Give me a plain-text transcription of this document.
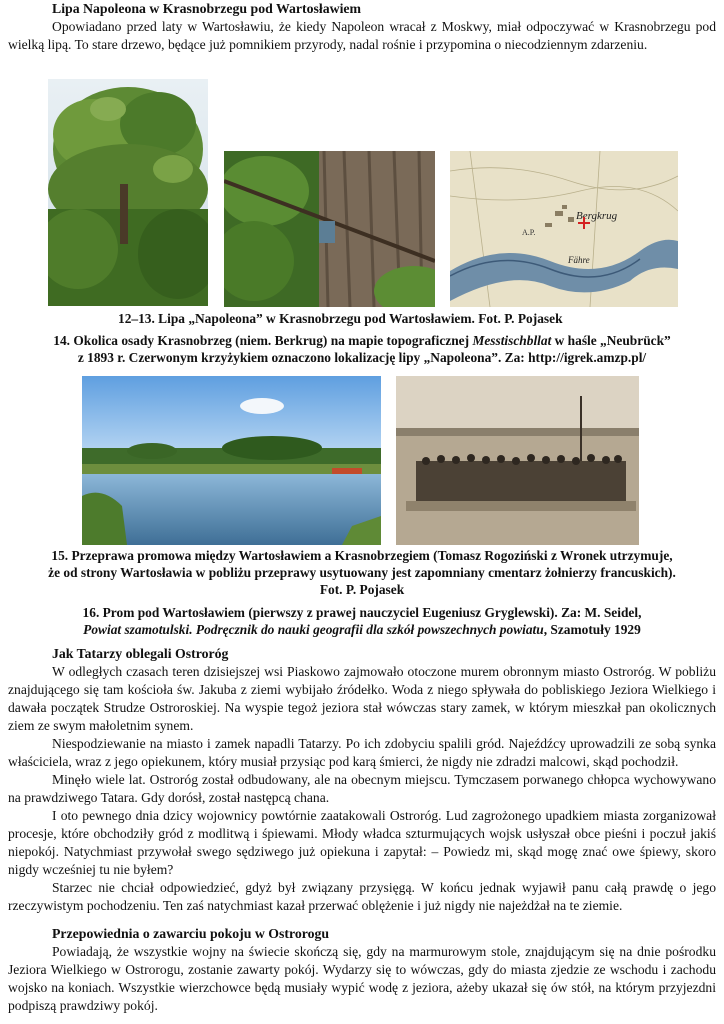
Lipa Napoleona w Krasnobrzegu pod Wartosławiem

Opowiadano przed laty w Wartosławiu, że kiedy Napoleon wracał z Moskwy, miał odpoczywać w Krasnobrzegu pod wielką lipą. To stare drzewo, będące już pomnikiem przyrody, nadal rośnie i przypomina o niecodziennym zdarzeniu.

Bergkrug
A.P.
Fähre
12–13. Lipa „Napoleona” w Krasnobrzegu pod Wartosławiem. Fot. P. Pojasek
14. Okolica osady Krasnobrzeg (niem. Berkrug) na mapie topograficznej Messtischbllat w haśle „Neubrück”
z 1893 r. Czerwonym krzyżykiem oznaczono lokalizację lipy „Napoleona”. Za: http://igrek.amzp.pl/
15. Przeprawa promowa między Wartosławiem a Krasnobrzegiem (Tomasz Rogoziński z Wronek utrzymuje,
że od strony Wartosławia w pobliżu przeprawy usytuowany jest zapomniany cmentarz żołnierzy francuskich).
Fot. P. Pojasek
16. Prom pod Wartosławiem (pierwszy z prawej nauczyciel Eugeniusz Gryglewski). Za: M. Seidel,
Powiat szamotulski. Podręcznik do nauki geografii dla szkół powszechnych powiatu, Szamotuły 1929
Jak Tatarzy oblegali Ostroróg

W odległych czasach teren dzisiejszej wsi Piaskowo zajmowało otoczone murem obronnym miasto Ostroróg. W pobliżu znajdującego się tam kościoła św. Jakuba z ziemi wybijało źródełko. Woda z niego spływała do pobliskiego Jeziora Wielkiego i dawała początek Strudze Ostroroskiej. Na wyspie tegoż jeziora stał wówczas stary zamek, w którym mieszkał pan okolicznych ziem ze swym małoletnim synem.

Niespodziewanie na miasto i zamek napadli Tatarzy. Po ich zdobyciu spalili gród. Najeźdźcy uprowadzili ze sobą synka właściciela, wraz z jego opiekunem, który musiał przysiąc pod karą śmierci, że nigdy nie zdradzi malcowi, skąd pochodził.

Minęło wiele lat. Ostroróg został odbudowany, ale na obecnym miejscu. Tymczasem porwanego chłopca wychowywano na prawdziwego Tatara. Gdy dorósł, został następcą chana.

I oto pewnego dnia dzicy wojownicy powtórnie zaatakowali Ostroróg. Lud zagrożonego upadkiem miasta zorganizował procesje, które obchodziły gród z modlitwą i śpiewami. Młody władca szturmujących wojsk usłyszał obce pieśni i poczuł jakiś niepokój. Natychmiast przywołał swego sędziwego już opiekuna i zapytał: – Powiedz mi, skąd mogę znać owe śpiewy, skoro nigdy wcześniej tu nie byłem?

Starzec nie chciał odpowiedzieć, gdyż był związany przysięgą. W końcu jednak wyjawił panu całą prawdę o jego rzeczywistym pochodzeniu. Ten zaś natychmiast kazał przerwać oblężenie i już nigdy nie najeżdżał na te ziemie.

Przepowiednia o zawarciu pokoju w Ostrorogu

Powiadają, że wszystkie wojny na świecie skończą się, gdy na marmurowym stole, znajdującym się na dnie pośrodku Jeziora Wielkiego w Ostrorogu, zostanie zawarty pokój. Wydarzy się to wówczas, gdy do miasta zjedzie ze wschodu i zachodu wojsko na koniach. Wszystkie wierzchowce będą musiały wypić wodę z jeziora, ażeby ukazał się ów stół, na którym przyjezdni podpiszą prawdziwy pokój.
